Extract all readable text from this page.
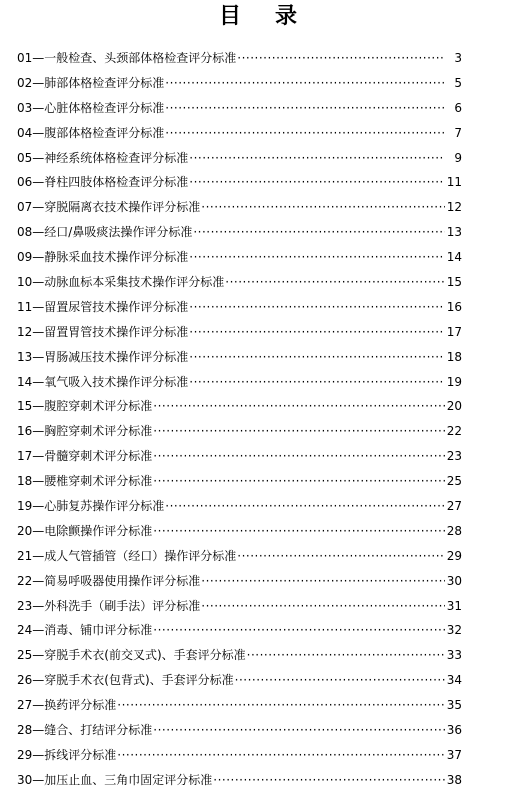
目 录
01—一般检查、头颈部体格检查评分标准 ·····	3
02—肺部体格检查评分标准 ·····	5
03—心脏体格检查评分标准 ·····	6
04—腹部体格检查评分标准 ·····	7
05—神经系统体格检查评分标准 ·····	9
06—脊柱四肢体格检查评分标准 ·····	11
07—穿脱隔离衣技术操作评分标准 ·····	12
08—经口/鼻吸痰法操作评分标准 ·····	13
09—静脉采血技术操作评分标准 ·····	14
10—动脉血标本采集技术操作评分标准 ·····	15
11—留置尿管技术操作评分标准 ·····	16
12—留置胃管技术操作评分标准 ·····	17
13—胃肠减压技术操作评分标准 ·····	18
14—氧气吸入技术操作评分标准 ·····	19
15—腹腔穿刺术评分标准 ·····	20
16—胸腔穿刺术评分标准 ·····	22
17—骨髓穿刺术评分标准 ·····	23
18—腰椎穿刺术评分标准 ·····	25
19—心肺复苏操作评分标准 ·····	27
20—电除颤操作评分标准 ·····	28
21—成人气管插管（经口）操作评分标准 ·····	29
22—简易呼吸器使用操作评分标准 ·····	30
23—外科洗手（刷手法）评分标准 ·····	31
24—消毒、铺巾评分标准 ·····	32
25—穿脱手术衣(前交叉式)、手套评分标准 ·····	33
26—穿脱手术衣(包背式)、手套评分标准 ·····	34
27—换药评分标准 ·····	35
28—缝合、打结评分标准 ·····	36
29—拆线评分标准 ·····	37
30—加压止血、三角巾固定评分标准 ·····	38
